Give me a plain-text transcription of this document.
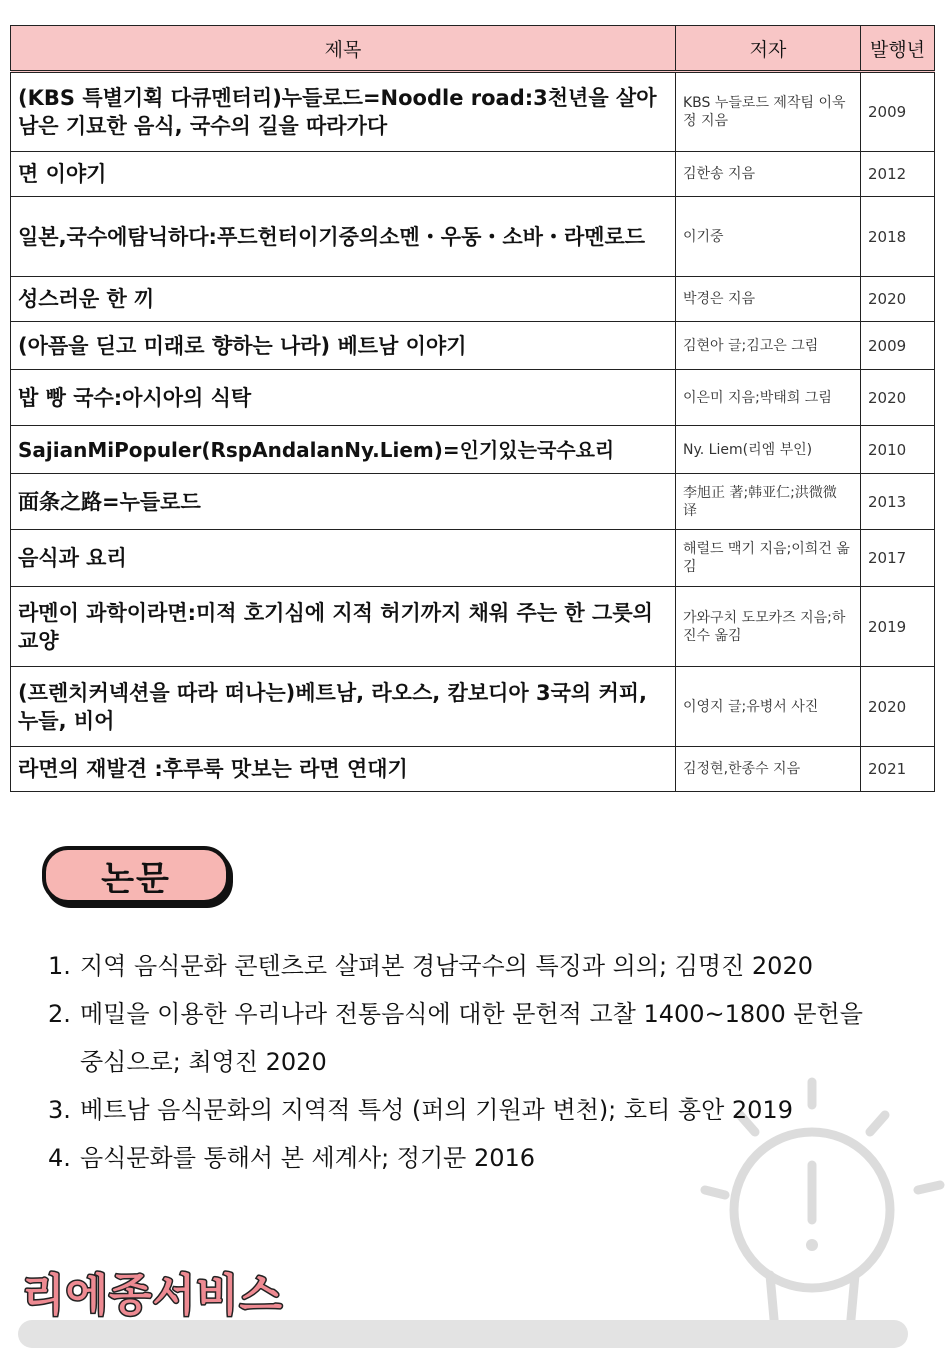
제목	저자	발행년
(KBS 특별기획 다큐멘터리)누들로드=Noodle road:3천년을 살아남은 기묘한 음식, 국수의 길을 따라가다	KBS 누들로드 제작팀 이욱정 지음	2009
면 이야기	김한송 지음	2012
일본,국수에탐닉하다:푸드헌터이기중의소멘・우동・소바・라멘로드	이기중	2018
성스러운 한 끼	박경은 지음	2020
(아픔을 딛고 미래로 향하는 나라) 베트남 이야기	김현아 글;김고은 그림	2009
밥 빵 국수:아시아의 식탁	이은미 지음;박태희 그림	2020
SajianMiPopuler(RspAndalanNy.Liem)=인기있는국수요리	Ny. Liem(리엠 부인)	2010
面条之路=누들로드	李旭正 著;韩亚仁;洪微微 译	2013
음식과 요리	해럴드 맥기 지음;이희건 옮김	2017
라멘이 과학이라면:미적 호기심에 지적 허기까지 채워 주는 한 그릇의 교양	가와구치 도모카즈 지음;하진수 옮김	2019
(프렌치커넥션을 따라 떠나는)베트남, 라오스, 캄보디아 3국의 커피, 누들, 비어	이영지 글;유병서 사진	2020
라면의 재발견 :후루룩 맛보는 라면 연대기	김정현,한종수 지음	2021
논문
1. 지역 음식문화 콘텐츠로 살펴본 경남국수의 특징과 의의; 김명진 2020
2. 메밀을 이용한 우리나라 전통음식에 대한 문헌적 고찰 1400~1800 문헌을 중심으로; 최영진 2020
3. 베트남 음식문화의 지역적 특성 (퍼의 기원과 변천); 호티 홍안 2019
4. 음식문화를 통해서 본 세계사; 정기문 2016
리에종서비스
